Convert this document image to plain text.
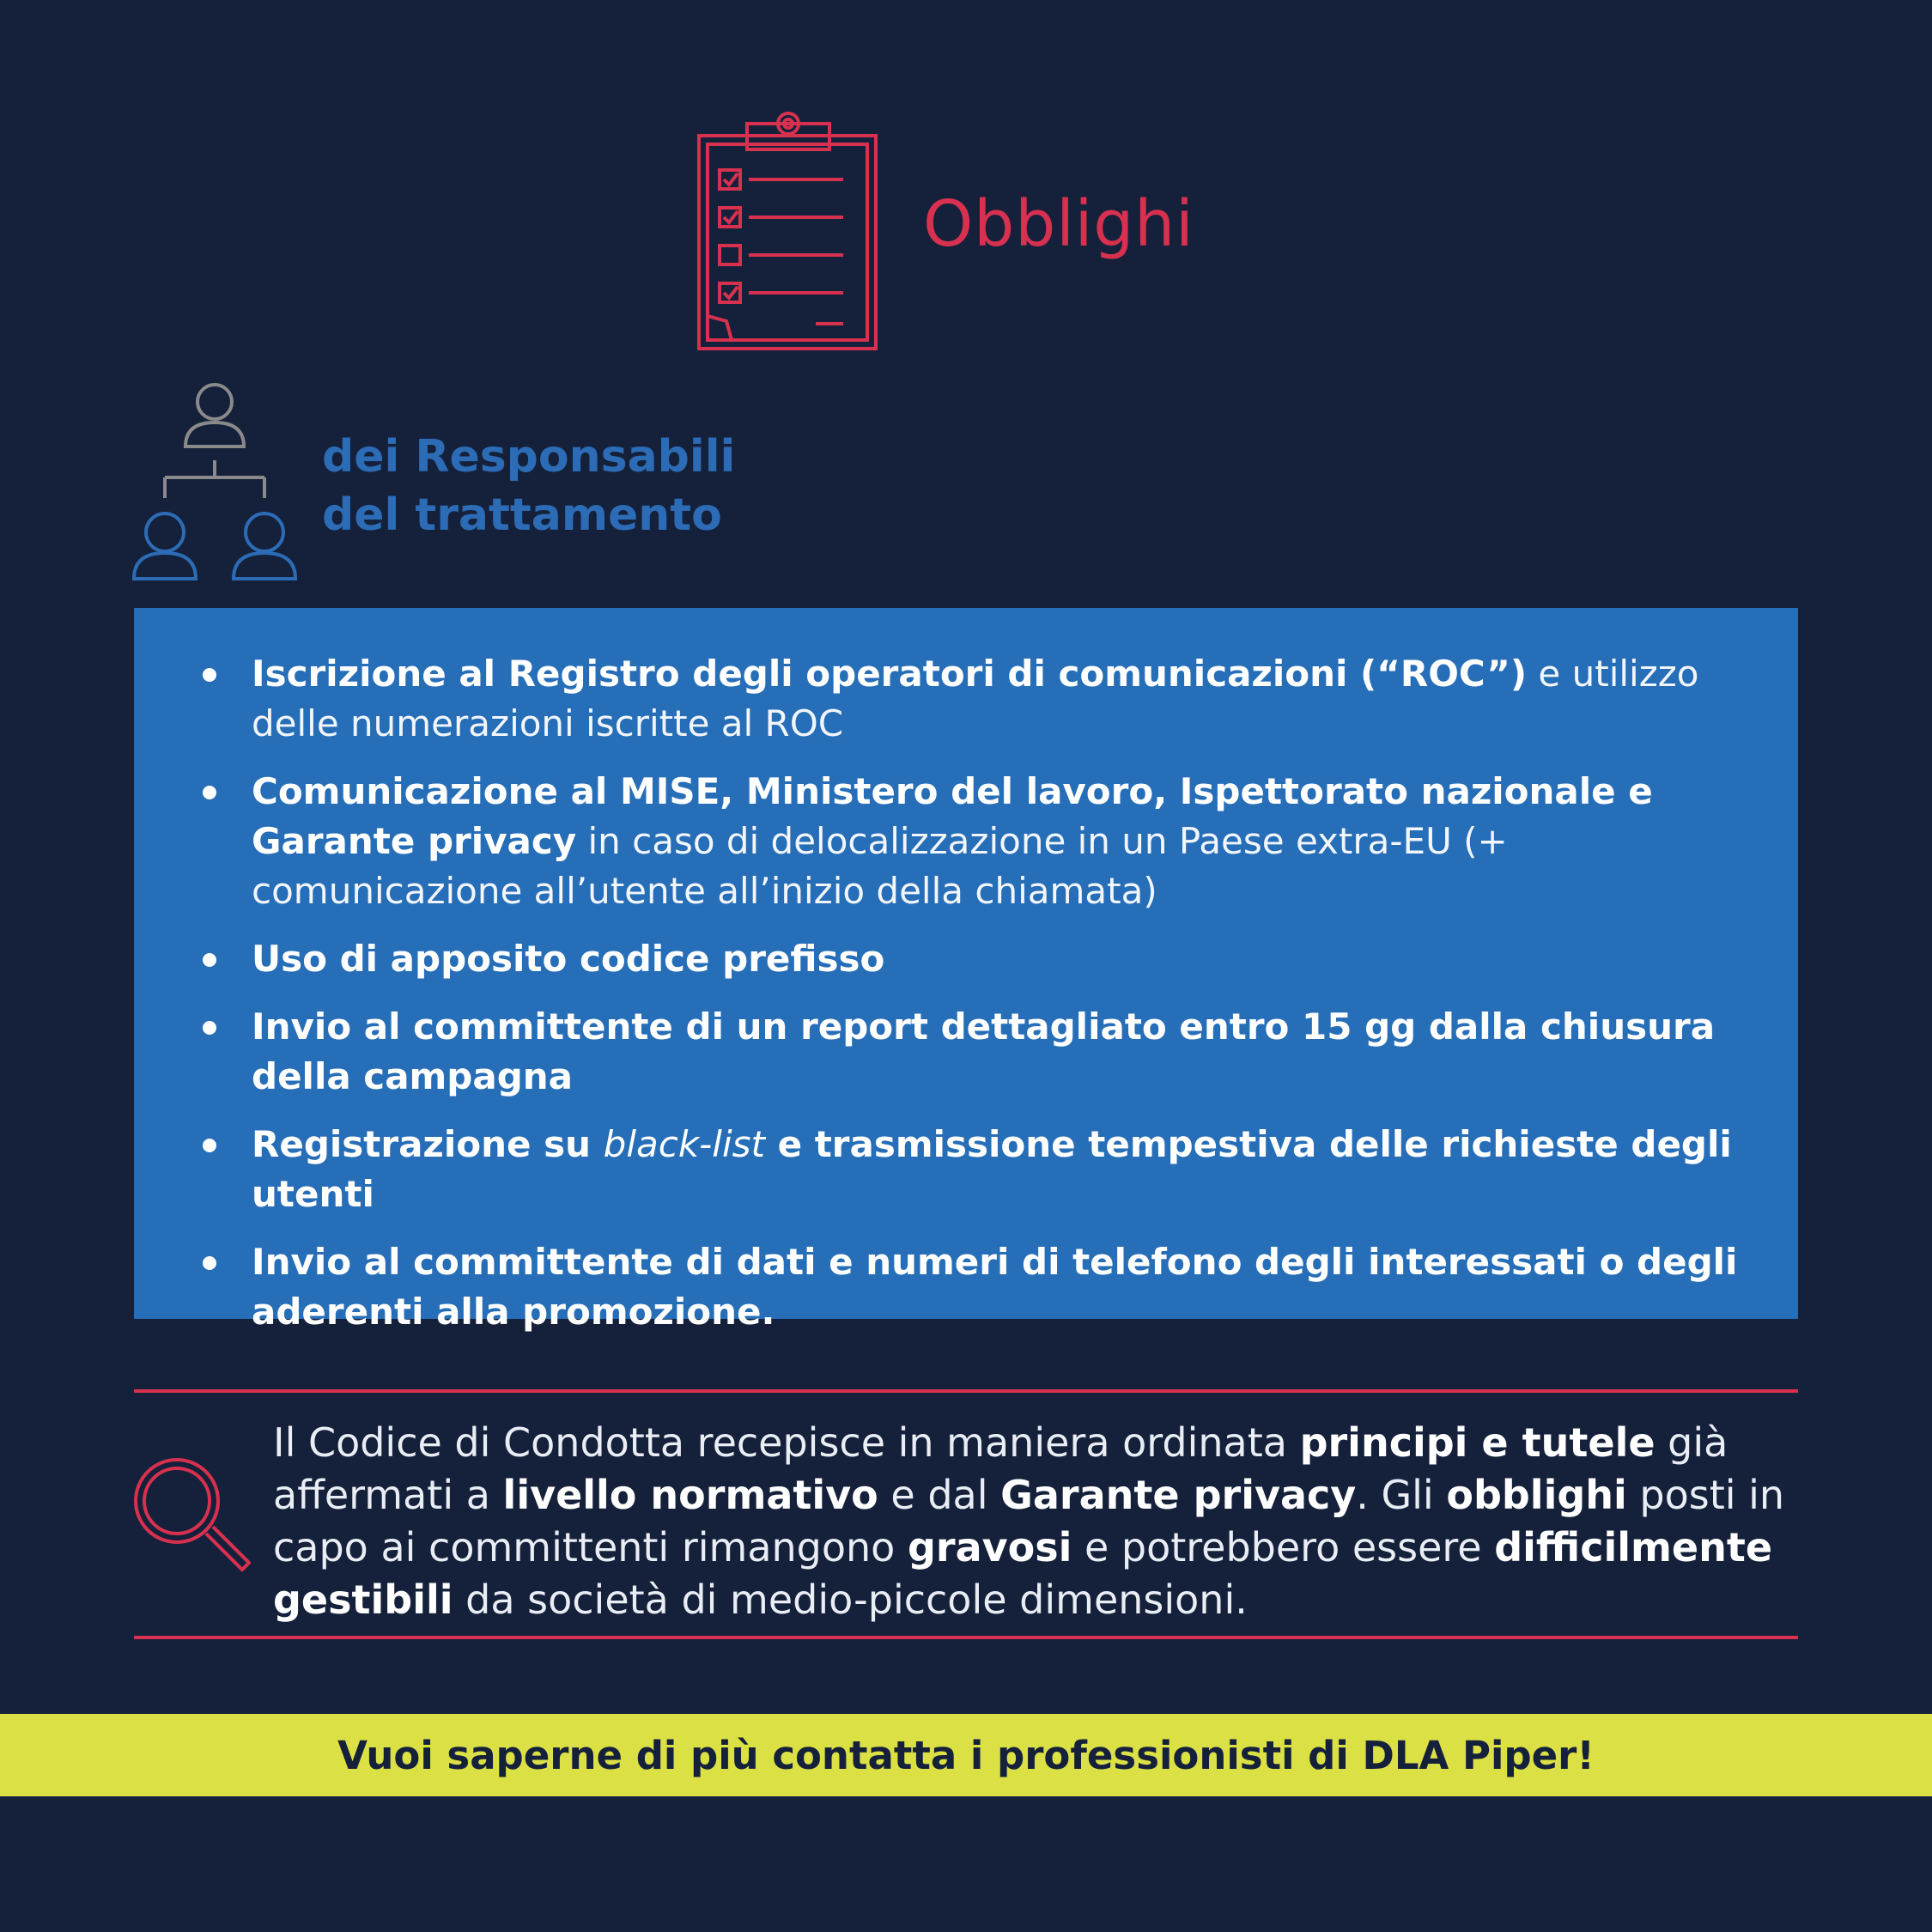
Obblighi
dei Responsabili
del trattamento
Iscrizione al Registro degli operatori di comunicazioni (“ROC”) e utilizzo delle numerazioni iscritte al ROC
Comunicazione al MISE, Ministero del lavoro, Ispettorato nazionale e Garante privacy in caso di delocalizzazione in un Paese extra-EU (+ comunicazione all’utente all’inizio della chiamata)
Uso di apposito codice prefisso
Invio al committente di un report dettagliato entro 15 gg dalla chiusura della campagna
Registrazione su black-list e trasmissione tempestiva delle richieste degli utenti
Invio al committente di dati e numeri di telefono degli interessati o degli aderenti alla promozione.
Il Codice di Condotta recepisce in maniera ordinata principi e tutele già affermati a livello normativo e dal Garante privacy. Gli obblighi posti in capo ai committenti rimangono gravosi e potrebbero essere difficilmente gestibili da società di medio-piccole dimensioni.
Vuoi saperne di più contatta i professionisti di DLA Piper!
